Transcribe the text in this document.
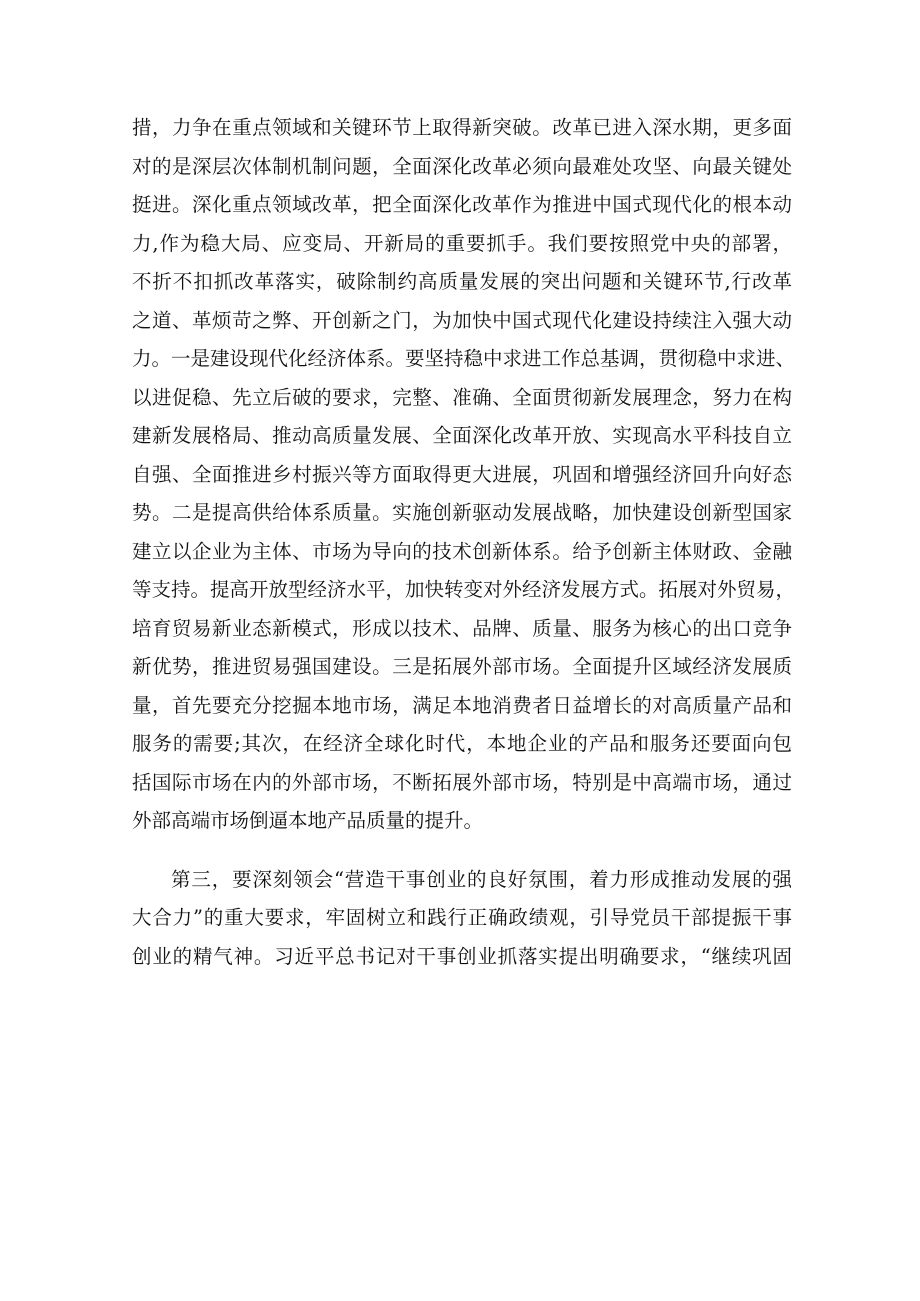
措，力争在重点领域和关键环节上取得新突破。改革已进入深水期，更多面
对的是深层次体制机制问题，全面深化改革必须向最难处攻坚、向最关键处
挺进。深化重点领域改革，把全面深化改革作为推进中国式现代化的根本动
力,作为稳大局、应变局、开新局的重要抓手。我们要按照党中央的部署，
不折不扣抓改革落实，破除制约高质量发展的突出问题和关键环节,行改革
之道、革烦苛之弊、开创新之门，为加快中国式现代化建设持续注入强大动
力。一是建设现代化经济体系。要坚持稳中求进工作总基调，贯彻稳中求进、
以进促稳、先立后破的要求，完整、准确、全面贯彻新发展理念，努力在构
建新发展格局、推动高质量发展、全面深化改革开放、实现高水平科技自立
自强、全面推进乡村振兴等方面取得更大进展，巩固和增强经济回升向好态
势。二是提高供给体系质量。实施创新驱动发展战略，加快建设创新型国家
建立以企业为主体、市场为导向的技术创新体系。给予创新主体财政、金融
等支持。提高开放型经济水平，加快转变对外经济发展方式。拓展对外贸易，
培育贸易新业态新模式，形成以技术、品牌、质量、服务为核心的出口竞争
新优势，推进贸易强国建设。三是拓展外部市场。全面提升区域经济发展质
量，首先要充分挖掘本地市场，满足本地消费者日益增长的对高质量产品和
服务的需要;其次，在经济全球化时代，本地企业的产品和服务还要面向包
括国际市场在内的外部市场，不断拓展外部市场，特别是中高端市场，通过
外部高端市场倒逼本地产品质量的提升。
第三，要深刻领会“营造干事创业的良好氛围，着力形成推动发展的强
大合力”的重大要求，牢固树立和践行正确政绩观，引导党员干部提振干事
创业的精气神。习近平总书记对干事创业抓落实提出明确要求，“继续巩固
